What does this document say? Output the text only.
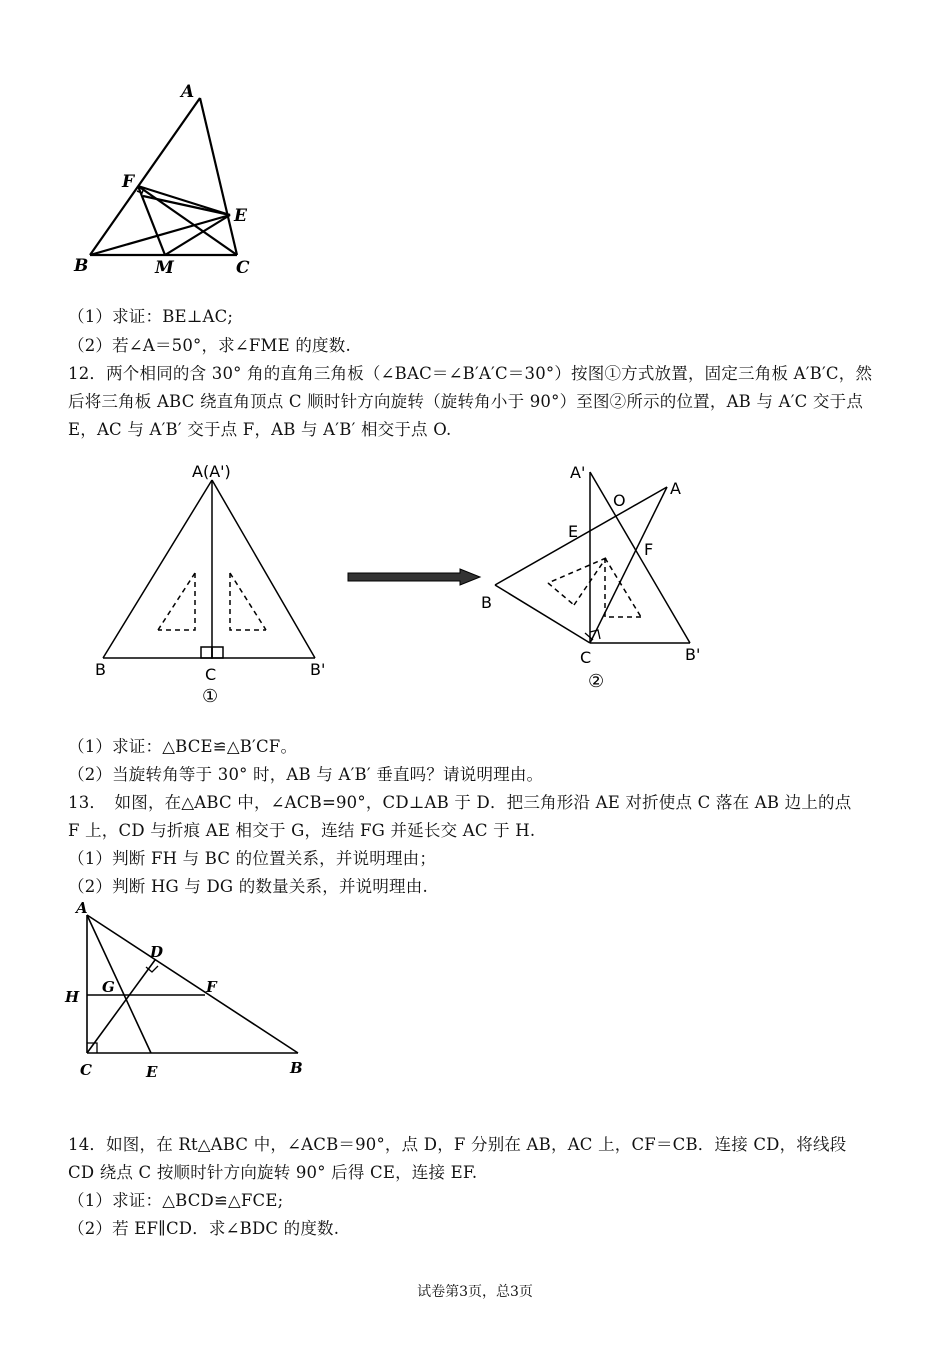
A
F
E
B	M	C
（1）求证：BE⊥AC;
（2）若∠A＝50°，求∠FME 的度数.
12．两个相同的含 30° 角的直角三角板（∠BAC＝∠B′A′C＝30°）按图①方式放置，固定三角板 A′B′C，然后将三角板 ABC 绕直角顶点 C 顺时针方向旋转（旋转角小于 90°）至图②所示的位置，AB 与 A′C 交于点 E，AC 与 A′B′ 交于点 F，AB 与 A′B′ 相交于点 O.
A(A')
B	C	B'
①
A'
O
A
E
F
B
C	B'
②
（1）求证：△BCE≌△B′CF。
（2）当旋转角等于 30° 时，AB 与 A′B′ 垂直吗？请说明理由。
13．　如图，在△ABC 中，∠ACB=90°，CD⊥AB 于 D．把三角形沿 AE 对折使点 C 落在 AB 边上的点
F 上，CD 与折痕 AE 相交于 G，连结 FG 并延长交 AC 于 H.
（1）判断 FH 与 BC 的位置关系，并说明理由；
（2）判断 HG 与 DG 的数量关系，并说明理由.
A
D
H
G	F
C	E	B
14．如图，在 Rt△ABC 中，∠ACB＝90°，点 D，F 分别在 AB，AC 上，CF＝CB．连接 CD，将线段
CD 绕点 C 按顺时针方向旋转 90° 后得 CE，连接 EF.
（1）求证：△BCD≌△FCE;
（2）若 EF∥CD．求∠BDC 的度数.
试卷第3页，总3页
